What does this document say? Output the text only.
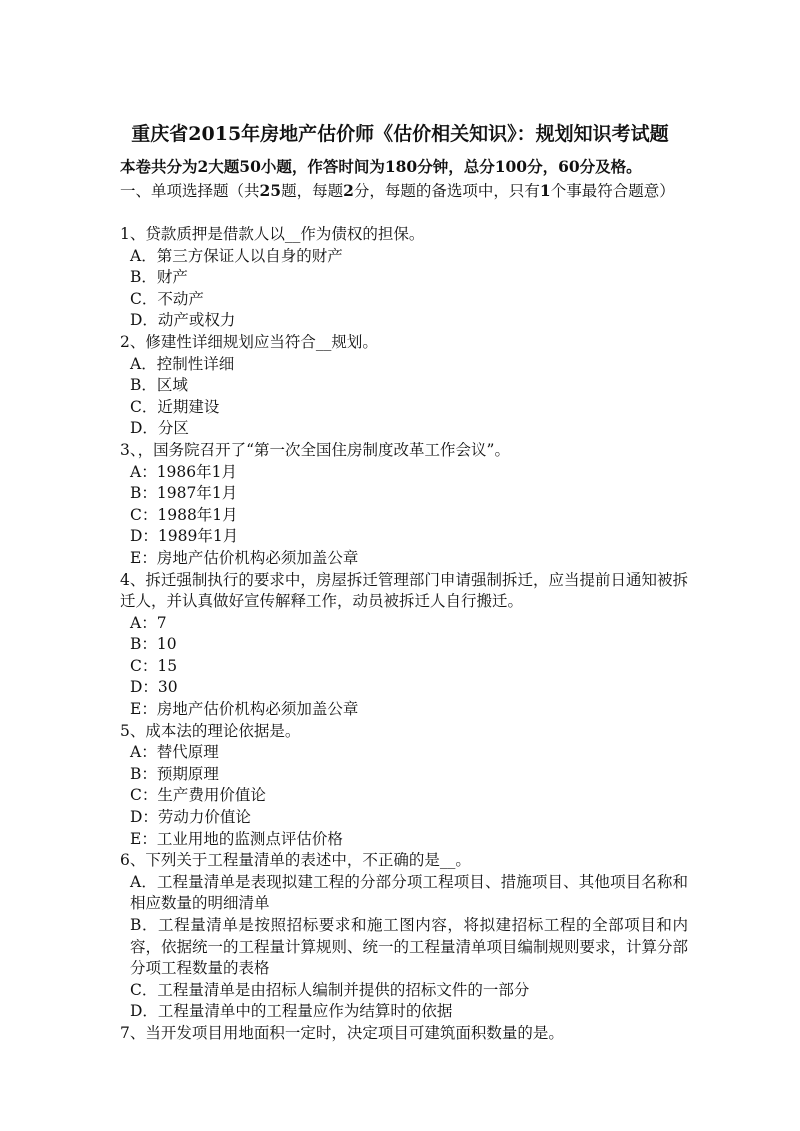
重庆省2015年房地产估价师《估价相关知识》：规划知识考试题
本卷共分为2大题50小题，作答时间为180分钟，总分100分，60分及格。
一、单项选择题（共25题，每题2分，每题的备选项中，只有1个事最符合题意）
1、贷款质押是借款人以__作为债权的担保。
A．第三方保证人以自身的财产
B．财产
C．不动产
D．动产或权力
2、修建性详细规划应当符合__规划。
A．控制性详细
B．区域
C．近期建设
D．分区
3、，国务院召开了“第一次全国住房制度改革工作会议”。
A：1986年1月
B：1987年1月
C：1988年1月
D：1989年1月
E：房地产估价机构必须加盖公章
4、拆迁强制执行的要求中，房屋拆迁管理部门申请强制拆迁，应当提前日通知被拆迁人，并认真做好宣传解释工作，动员被拆迁人自行搬迁。
A：7
B：10
C：15
D：30
E：房地产估价机构必须加盖公章
5、成本法的理论依据是。
A：替代原理
B：预期原理
C：生产费用价值论
D：劳动力价值论
E：工业用地的监测点评估价格
6、下列关于工程量清单的表述中，不正确的是__。
A．工程量清单是表现拟建工程的分部分项工程项目、措施项目、其他项目名称和相应数量的明细清单
B．工程量清单是按照招标要求和施工图内容，将拟建招标工程的全部项目和内容，依据统一的工程量计算规则、统一的工程量清单项目编制规则要求，计算分部分项工程数量的表格
C．工程量清单是由招标人编制并提供的招标文件的一部分
D．工程量清单中的工程量应作为结算时的依据
7、当开发项目用地面积一定时，决定项目可建筑面积数量的是。
